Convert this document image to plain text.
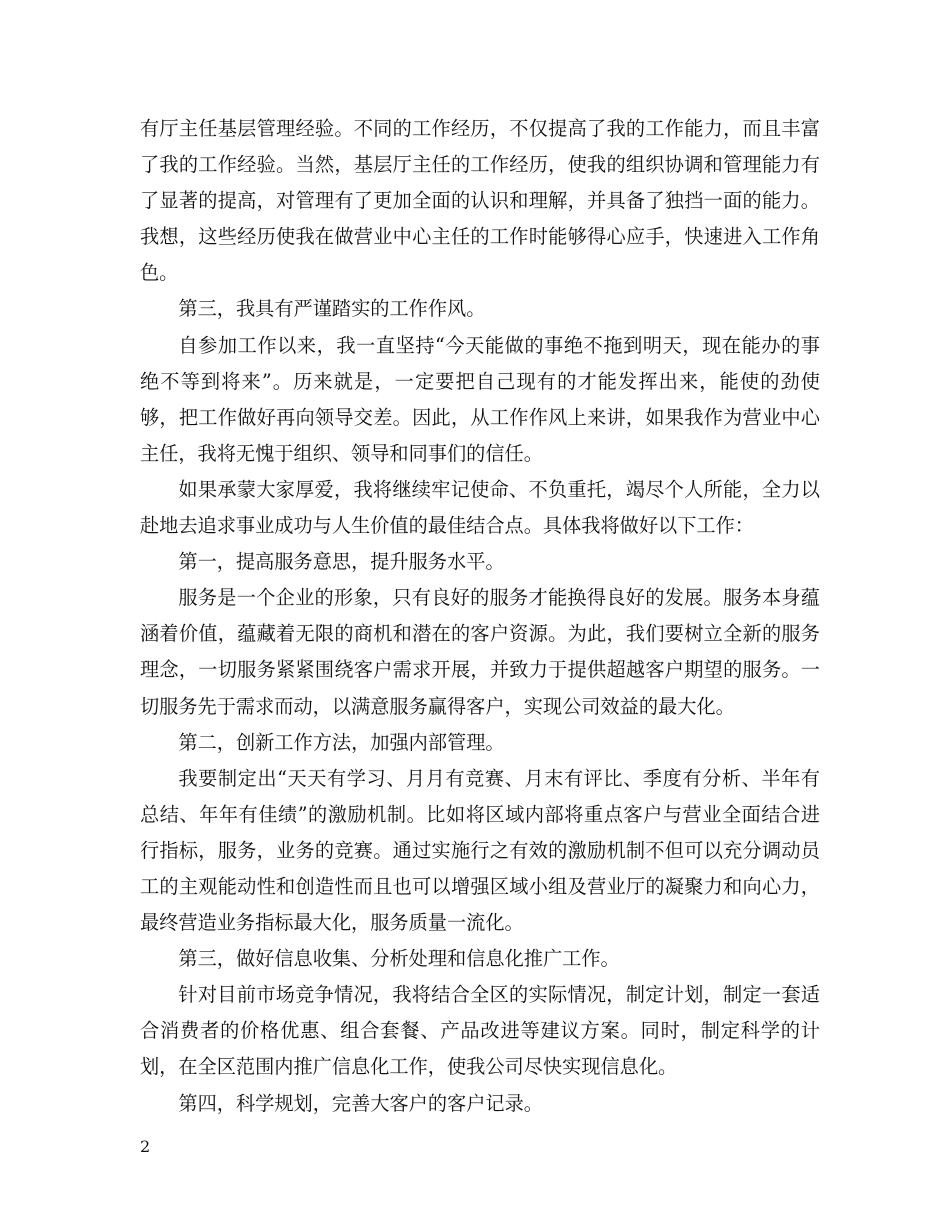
有厅主任基层管理经验。不同的工作经历，不仅提高了我的工作能力，而且丰富了我的工作经验。当然，基层厅主任的工作经历，使我的组织协调和管理能力有了显著的提高，对管理有了更加全面的认识和理解，并具备了独挡一面的能力。我想，这些经历使我在做营业中心主任的工作时能够得心应手，快速进入工作角色。

第三，我具有严谨踏实的工作作风。

自参加工作以来，我一直坚持“今天能做的事绝不拖到明天，现在能办的事绝不等到将来”。历来就是，一定要把自己现有的才能发挥出来，能使的劲使够，把工作做好再向领导交差。因此，从工作作风上来讲，如果我作为营业中心主任，我将无愧于组织、领导和同事们的信任。

如果承蒙大家厚爱，我将继续牢记使命、不负重托，竭尽个人所能，全力以赴地去追求事业成功与人生价值的最佳结合点。具体我将做好以下工作：

第一，提高服务意思，提升服务水平。

服务是一个企业的形象，只有良好的服务才能换得良好的发展。服务本身蕴涵着价值，蕴藏着无限的商机和潜在的客户资源。为此，我们要树立全新的服务理念，一切服务紧紧围绕客户需求开展，并致力于提供超越客户期望的服务。一切服务先于需求而动，以满意服务赢得客户，实现公司效益的最大化。

第二，创新工作方法，加强内部管理。

我要制定出“天天有学习、月月有竞赛、月末有评比、季度有分析、半年有总结、年年有佳绩”的激励机制。比如将区域内部将重点客户与营业全面结合进行指标，服务，业务的竞赛。通过实施行之有效的激励机制不但可以充分调动员工的主观能动性和创造性而且也可以增强区域小组及营业厅的凝聚力和向心力，最终营造业务指标最大化，服务质量一流化。

第三，做好信息收集、分析处理和信息化推广工作。

针对目前市场竞争情况，我将结合全区的实际情况，制定计划，制定一套适合消费者的价格优惠、组合套餐、产品改进等建议方案。同时，制定科学的计划，在全区范围内推广信息化工作，使我公司尽快实现信息化。

第四，科学规划，完善大客户的客户记录。

2
